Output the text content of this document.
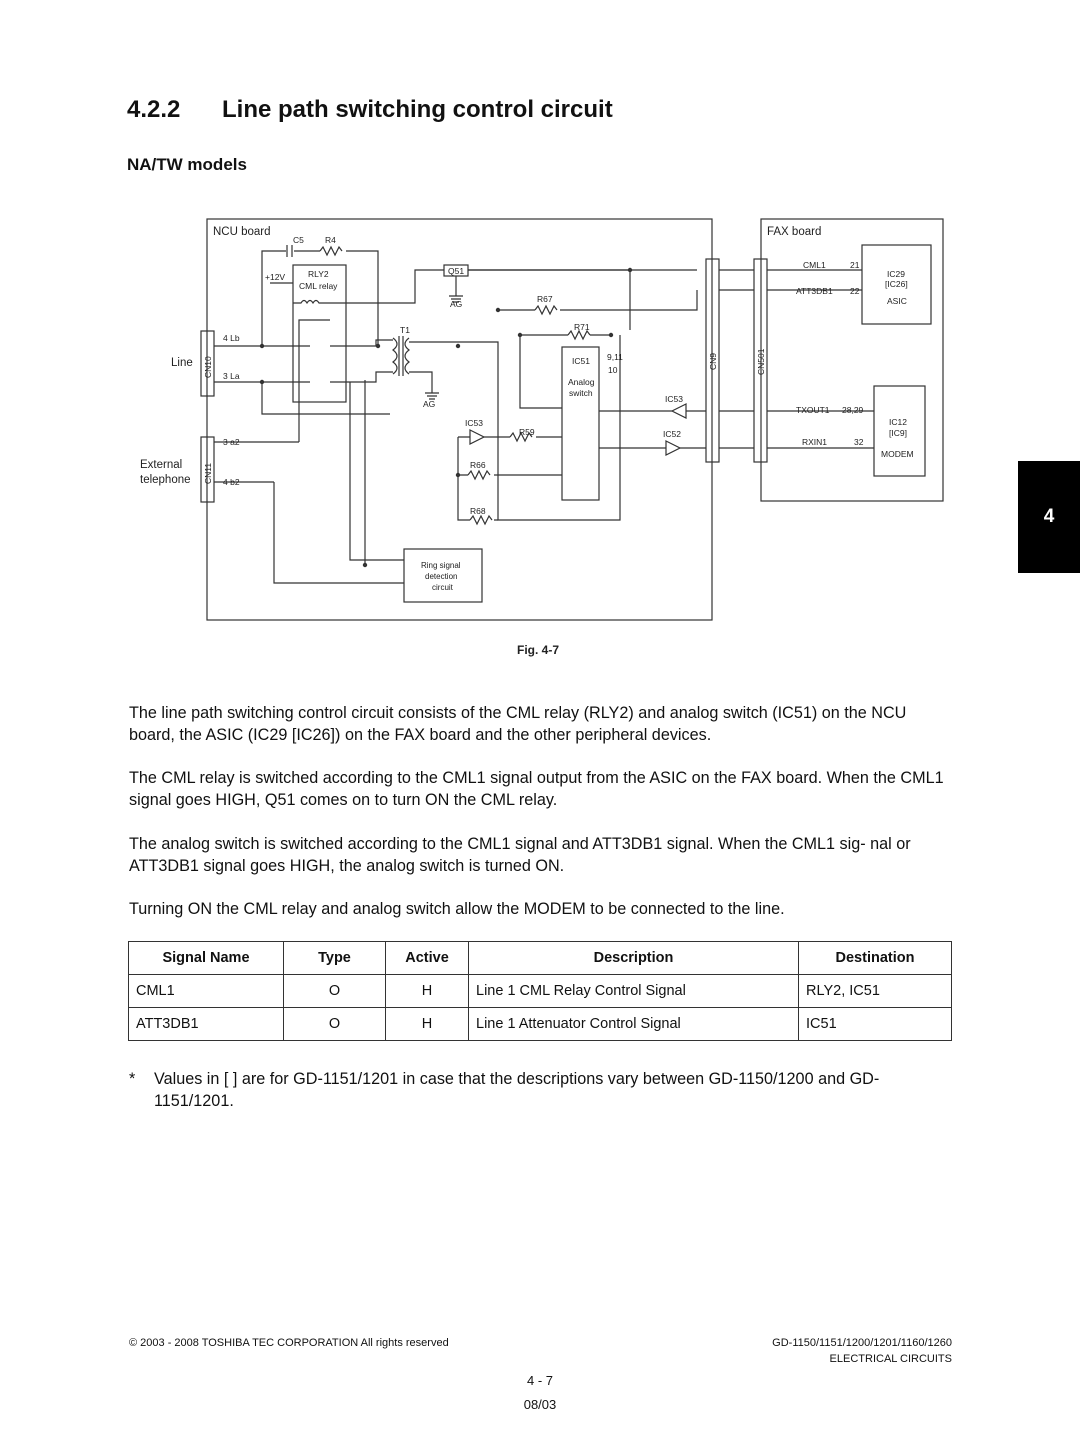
4.2.2 Line path switching control circuit
NA/TW models
4
NCU board	FAX board
C5 R4
+12V	RLY2
CML relay
Q51
AG
AG
R67
R71
T1
IC51
Analog
switch
9,11
10
IC53
IC53
IC52
R59
R66
R68
Line
External
telephone
CN10
CN11
CN9	CN501
4 Lb
3 La
3 a2
4 b2
Ring signal
detection
circuit
CML1
ATT3DB1
TXOUT1
RXIN1
21
22
28,29
32
IC29
[IC26]
ASIC
IC12
[IC9]
MODEM
Fig. 4-7
The line path switching control circuit consists of the CML relay (RLY2) and analog switch (IC51) on the NCU board, the ASIC (IC29 [IC26]) on the FAX board and the other peripheral devices.
The CML relay is switched according to the CML1 signal output from the ASIC on the FAX board. When the CML1 signal goes HIGH, Q51 comes on to turn ON the CML relay.
The analog switch is switched according to the CML1 signal and ATT3DB1 signal. When the CML1 sig- nal or ATT3DB1 signal goes HIGH, the analog switch is turned ON.
Turning ON the CML relay and analog switch allow the MODEM to be connected to the line.
Signal Name	Type	Active	Description	Destination
CML1	O	H	Line 1 CML Relay Control Signal	RLY2, IC51
ATT3DB1	O	H	Line 1 Attenuator Control Signal	IC51
* Values in [ ] are for GD-1151/1201 in case that the descriptions vary between GD-1150/1200 and GD-1151/1201.
© 2003 - 2008 TOSHIBA TEC CORPORATION All rights reserved	GD-1150/1151/1200/1201/1160/1260
ELECTRICAL CIRCUITS
4 - 7
08/03
